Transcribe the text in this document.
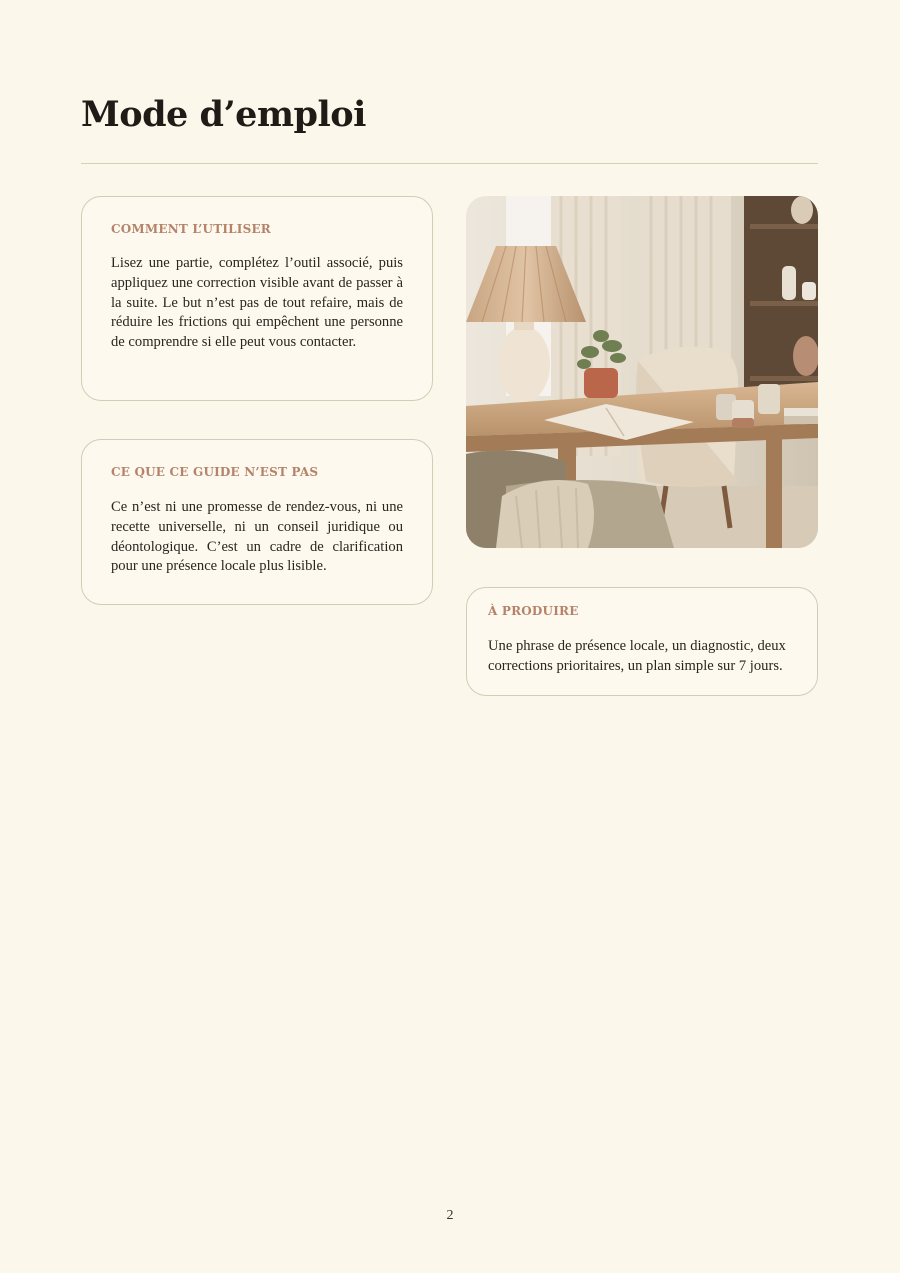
Mode d’emploi
COMMENT L’UTILISER

Lisez une partie, complétez l’outil associé, puis appliquez une correction visible avant de passer à la suite. Le but n’est pas de tout refaire, mais de réduire les frictions qui empêchent une personne de comprendre si elle peut vous contacter.

CE QUE CE GUIDE N’EST PAS

Ce n’est ni une promesse de rendez-vous, ni une recette universelle, ni un conseil juridique ou déontologique. C’est un cadre de clarification pour une présence locale plus lisible.

À PRODUIRE

Une phrase de présence locale, un diagnostic, deux corrections prioritaires, un plan simple sur 7 jours.

2
